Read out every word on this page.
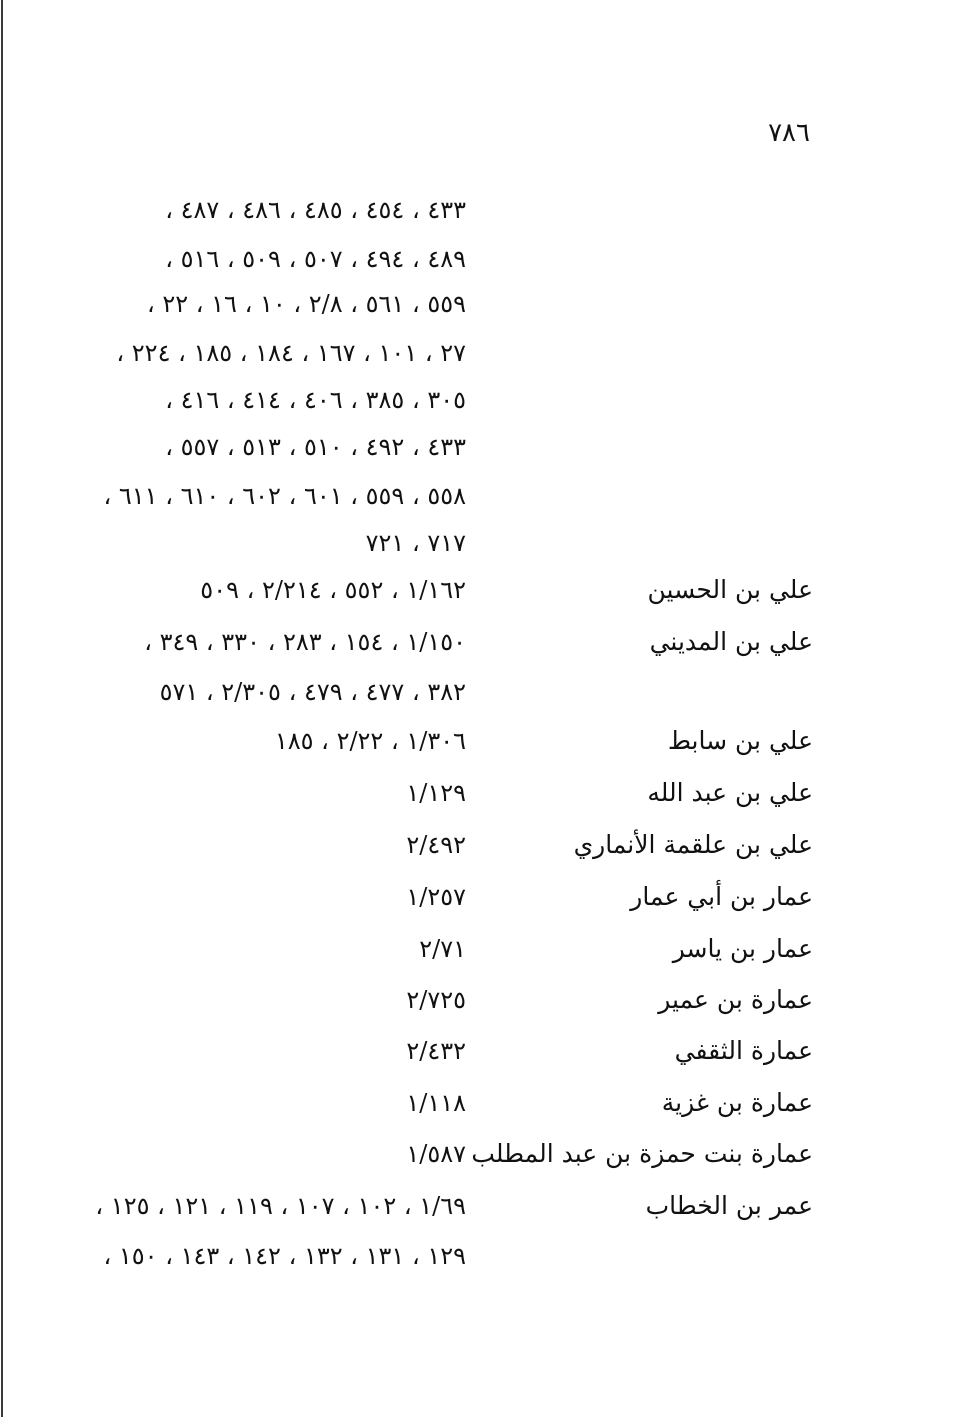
٧٨٦
٤٣٣ ، ٤٥٤ ، ٤٨٥ ، ٤٨٦ ، ٤٨٧ ،
٤٨٩ ، ٤٩٤ ، ٥٠٧ ، ٥٠٩ ، ٥١٦ ،
٥٥٩ ، ٥٦١ ، ٢/٨ ، ١٠ ، ١٦ ، ٢٢ ،
٢٧ ، ١٠١ ، ١٦٧ ، ١٨٤ ، ١٨٥ ، ٢٢٤ ،
٣٠٥ ، ٣٨٥ ، ٤٠٦ ، ٤١٤ ، ٤١٦ ،
٤٣٣ ، ٤٩٢ ، ٥١٠ ، ٥١٣ ، ٥٥٧ ،
٥٥٨ ، ٥٥٩ ، ٦٠١ ، ٦٠٢ ، ٦١٠ ، ٦١١ ،
٧١٧ ، ٧٢١
علي بن الحسين
١/١٦٢ ، ٥٥٢ ، ٢/٢١٤ ، ٥٠٩
علي بن المديني
١/١٥٠ ، ١٥٤ ، ٢٨٣ ، ٣٣٠ ، ٣٤٩ ،
٣٨٢ ، ٤٧٧ ، ٤٧٩ ، ٢/٣٠٥ ، ٥٧١
علي بن سابط
١/٣٠٦ ، ٢/٢٢ ، ١٨٥
علي بن عبد الله
١/١٢٩
علي بن علقمة الأنماري
٢/٤٩٢
عمار بن أبي عمار
١/٢٥٧
عمار بن ياسر
٢/٧١
عمارة بن عمير
٢/٧٢٥
عمارة الثقفي
٢/٤٣٢
عمارة بن غزية
١/١١٨
عمارة بنت حمزة بن عبد المطلب
١/٥٨٧
عمر بن الخطاب
١/٦٩ ، ١٠٢ ، ١٠٧ ، ١١٩ ، ١٢١ ، ١٢٥ ،
١٢٩ ، ١٣١ ، ١٣٢ ، ١٤٢ ، ١٤٣ ، ١٥٠ ،
